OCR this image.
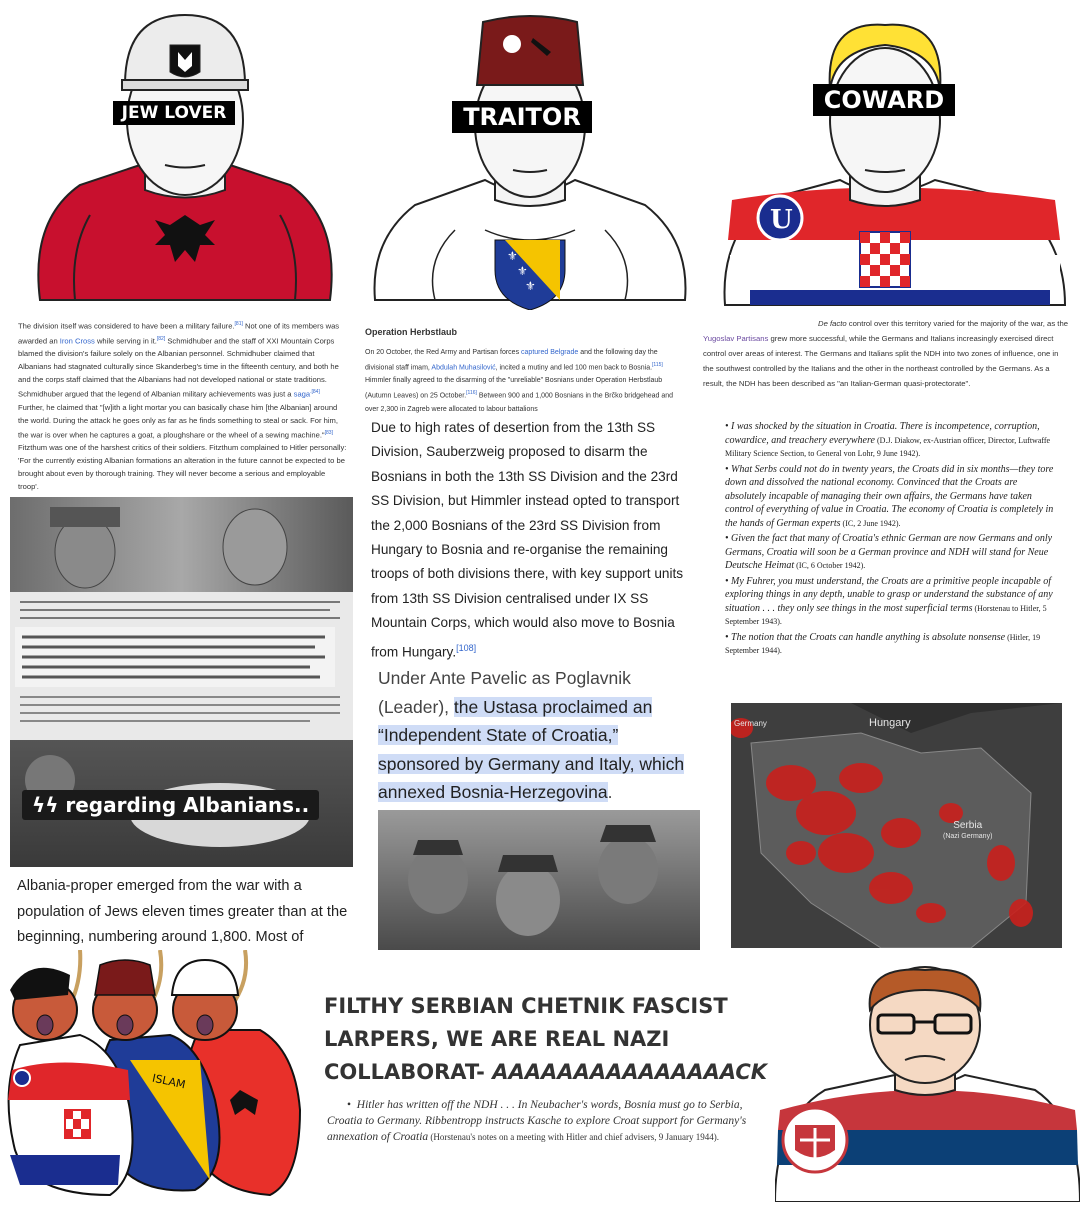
JEW LOVER
⚜
⚜
⚜
TRAITOR
U
COWARD
The division itself was considered to have been a military failure.[81] Not one of its members was awarded an Iron Cross while serving in it.[82] Schmidhuber and the staff of XXI Mountain Corps blamed the division's failure solely on the Albanian personnel. Schmidhuber claimed that Albanians had stagnated culturally since Skanderbeg's time in the fifteenth century, and both he and the corps staff claimed that the Albanians had not developed national or state traditions. Schmidhuber argued that the legend of Albanian military achievements was just a saga$^{.[84]}$ Further, he claimed that "[w]ith a light mortar you can basically chase him [the Albanian] around the world. During the attack he goes only as far as he finds something to steal or sack. For him, the war is over when he captures a goat, a ploughshare or the wheel of a sewing machine."[83] Fitzthum was one of the harshest critics of their soldiers. Fitzthum complained to Hitler personally: 'For the currently existing Albanian formations an alteration in the future cannot be expected to be brought about even by thorough training. They will never become a serious and employable troop'.
ϟϟ regarding Albanians..
Albania-proper emerged from the war with a population of Jews eleven times greater than at the beginning, numbering around 1,800. Most of
Operation Herbstlaub
On 20 October, the Red Army and Partisan forces captured Belgrade and the following day the divisional staff imam, Abdulah Muhasilović, incited a mutiny and led 100 men back to Bosnia.[115] Himmler finally agreed to the disarming of the "unreliable" Bosnians under Operation Herbstlaub (Autumn Leaves) on 25 October.[116] Between 900 and 1,000 Bosnians in the Brčko bridgehead and over 2,300 in Zagreb were allocated to labour battalions
Due to high rates of desertion from the 13th SS Division, Sauberzweig proposed to disarm the Bosnians in both the 13th SS Division and the 23rd SS Division, but Himmler instead opted to transport the 2,000 Bosnians of the 23rd SS Division from Hungary to Bosnia and re-organise the remaining troops of both divisions there, with key support units from 13th SS Division centralised under IX SS Mountain Corps, which would also move to Bosnia from Hungary.[108]
Under Ante Pavelic as Poglavnik (Leader), the Ustasa proclaimed an “Independent State of Croatia,” sponsored by Germany and Italy, which annexed Bosnia-Herzegovina.
De facto control over this territory varied for the majority of the war, as the
Yugoslav Partisans grew more successful, while the Germans and Italians increasingly exercised direct control over areas of interest. The Germans and Italians split the NDH into two zones of influence, one in the southwest controlled by the Italians and the other in the northeast controlled by the Germans. As a result, the NDH has been described as "an Italian-German quasi-protectorate".
• I was shocked by the situation in Croatia. There is incompetence, corruption, cowardice, and treachery everywhere (D.J. Diakow, ex-Austrian officer, Director, Luftwaffe Military Science Section, to General von Lohr, 9 June 1942).
• What Serbs could not do in twenty years, the Croats did in six months—they tore down and dissolved the national economy. Convinced that the Croats are absolutely incapable of managing their own affairs, the Germans have taken control of everything of value in Croatia. The economy of Croatia is completely in the hands of German experts (IC, 2 June 1942).
• Given the fact that many of Croatia's ethnic German are now Germans and only Germans, Croatia will soon be a German province and NDH will stand for Neue Deutsche Heimat (IC, 6 October 1942).
• My Fuhrer, you must understand, the Croats are a primitive people incapable of exploring things in any depth, unable to grasp or understand the substance of any situation . . . they only see things in the most superficial terms (Horstenau to Hitler, 5 September 1943).
• The notion that the Croats can handle anything is absolute nonsense (Hitler, 19 September 1944).
Germany	Hungary
Serbia
(Nazi Germany)
ISLAM
FILTHY SERBIAN CHETNIK FASCIST
LARPERS, WE ARE REAL NAZI
COLLABORAT- AAAAAAAAAAAAAAACK
•  Hitler has written off the NDH . . . In Neubacher's words, Bosnia must go to Serbia, Croatia to Germany. Ribbentropp instructs Kasche to explore Croat support for Germany's annexation of Croatia (Horstenau's notes on a meeting with Hitler and chief advisers, 9 January 1944).
